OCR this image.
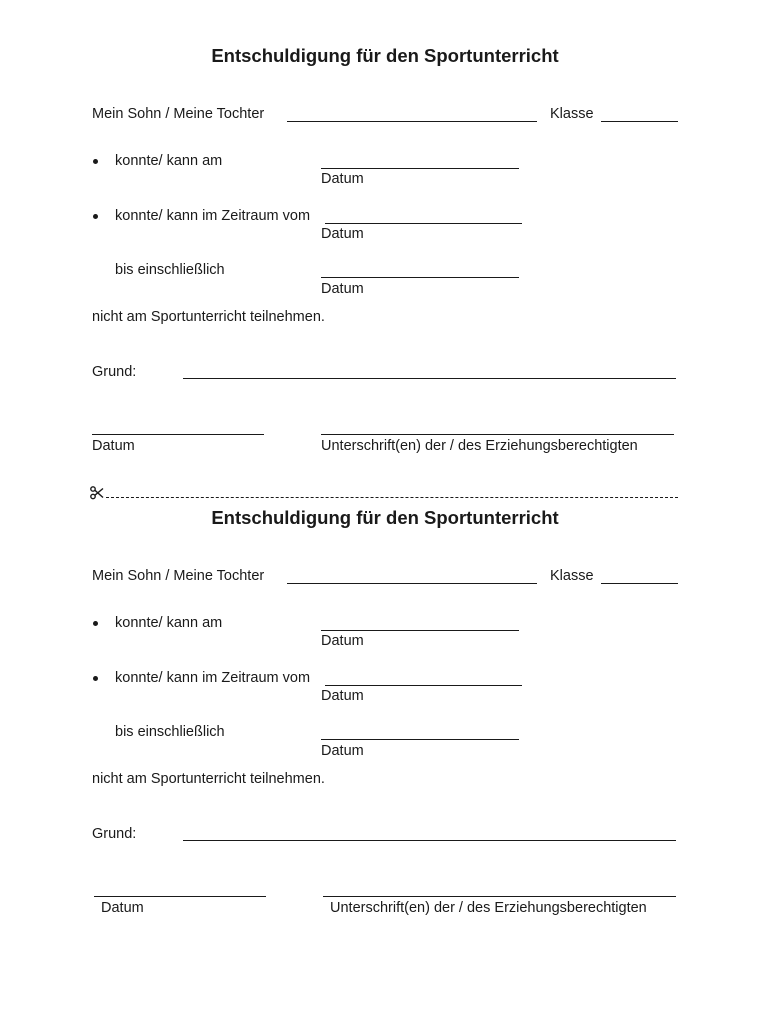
Entschuldigung für den Sportunterricht
Mein Sohn / Meine Tochter	Klasse
konnte/ kann am
Datum
konnte/ kann im Zeitraum vom
Datum
bis einschließlich
Datum
nicht am Sportunterricht teilnehmen.
Grund:
Datum	Unterschrift(en) der / des Erziehungsberechtigten
Entschuldigung für den Sportunterricht
Mein Sohn / Meine Tochter	Klasse
konnte/ kann am
Datum
konnte/ kann im Zeitraum vom
Datum
bis einschließlich
Datum
nicht am Sportunterricht teilnehmen.
Grund:
Datum	Unterschrift(en) der / des Erziehungsberechtigten
